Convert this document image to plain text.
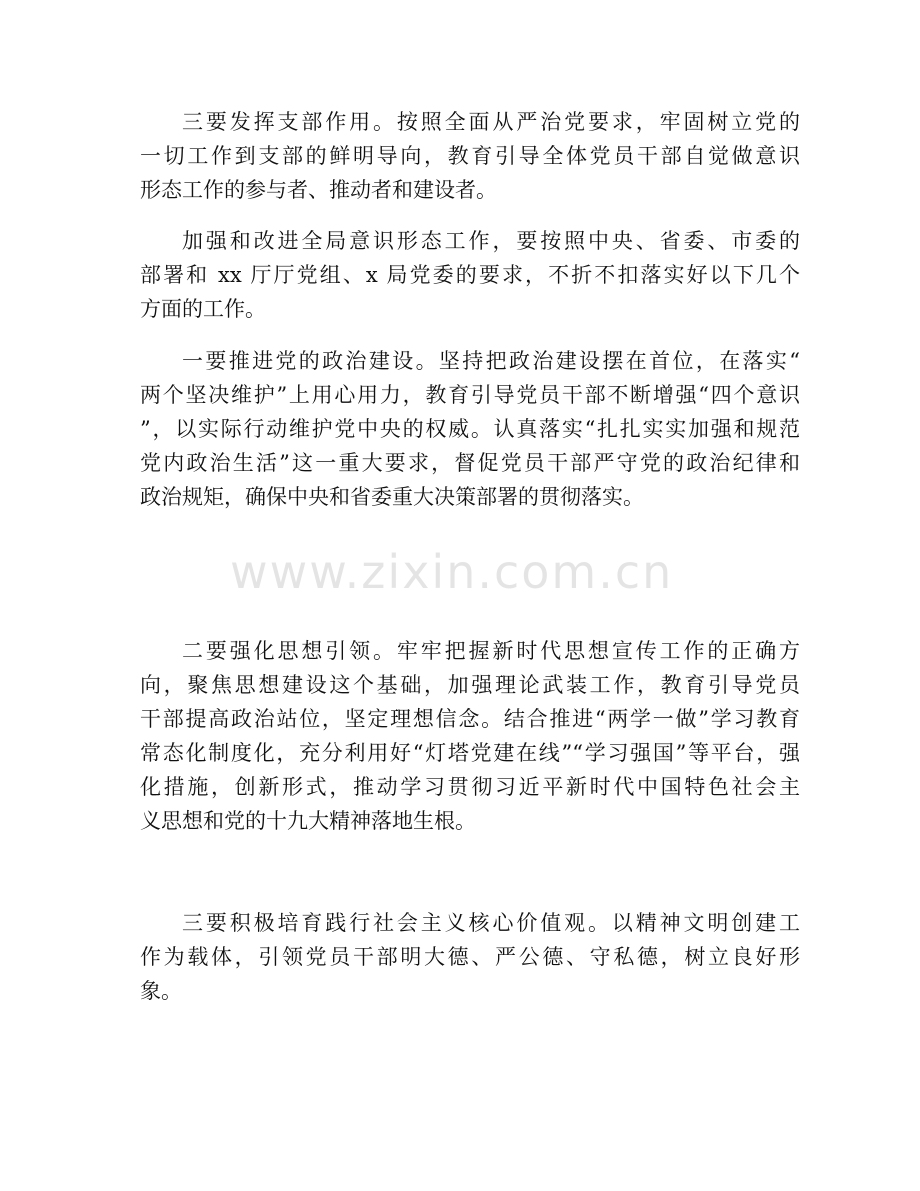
三要发挥支部作用。按照全面从严治党要求，牢固树立党的
一切工作到支部的鲜明导向，教育引导全体党员干部自觉做意识
形态工作的参与者、推动者和建设者。
加强和改进全局意识形态工作，要按照中央、省委、市委的
部署和 xx 厅厅党组、x 局党委的要求，不折不扣落实好以下几个
方面的工作。
一要推进党的政治建设。坚持把政治建设摆在首位，在落实“
两个坚决维护”上用心用力，教育引导党员干部不断增强“四个意识
”，以实际行动维护党中央的权威。认真落实“扎扎实实加强和规范
党内政治生活”这一重大要求，督促党员干部严守党的政治纪律和
政治规矩，确保中央和省委重大决策部署的贯彻落实。
二要强化思想引领。牢牢把握新时代思想宣传工作的正确方
向，聚焦思想建设这个基础，加强理论武装工作，教育引导党员
干部提高政治站位，坚定理想信念。结合推进“两学一做”学习教育
常态化制度化，充分利用好“灯塔党建在线”“学习强国”等平台，强
化措施，创新形式，推动学习贯彻习近平新时代中国特色社会主
义思想和党的十九大精神落地生根。
三要积极培育践行社会主义核心价值观。以精神文明创建工
作为载体，引领党员干部明大德、严公德、守私德，树立良好形
象。
www.zixin.com.cn
